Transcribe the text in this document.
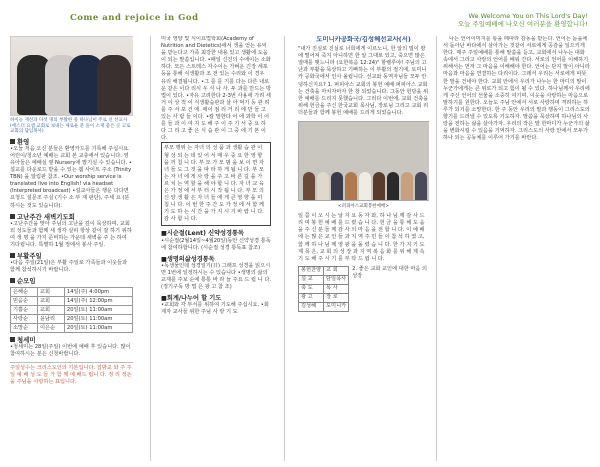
Come and rejoice in God	We Welcome You on This Lord's Day!
오늘 주일예배에 나오신 여러분을 환영합니다!
하이늘 재선과 다섯 명의 부활한 중 하나님이 주로 신 선교사 (에스더 요셉 교회로 보내는 새로운 분 돌이 소재 좋은 곳 고로 교회의 담임목사)
환영

•오늘 처음 오신 분들은 환영카드를 기록해 주십시요. 어린이/청소년 예배는 교회 본 교층에서 있습니다. 영유아들은 예배실 옆 Nursery에 맡기실 수 있습니다. •설교를 다운로드 받을 수 있는 웹 사이트 주소 (Trinity TBN) 을 알림판 참조. •Our worship service is translated live into English! via headset (Interpreted broadcast) •설교사들은 행운 다다면 요청드 설문조 주실 (기수 소 부 재 판단), 주세 요 (분 하시는 것도 있습니다).

고난주간 새벽기도회

•고난주간을 맞아 주님의 고난을 깊이 묵상하며, 교회 외 성도들과 함께 새 생각 살피 항상 같이 잘 하기 위하여 생 명 을 가지 준비하는 가운데 새벽을 주 는 하여 기다립니다. 특별하 1월 정에서 봉사 주일.

부활주일

•다음 주일(21일)은 부활 주일로 가족들과 이웃들과 함께 참석하시기 바랍니다.

순모임
은혜순	교회	14일(주) 4:00pm
믿음순	교회	14일(주) 12:00pm
기쁨순	교회	20일(토) 11:00am
사랑순	윤남리	20일(토) 11:00am
소망순	이은순	20일(토) 11:00am
청세미

•청세미는 28일(주일) 이번에 예배 후 있습니다. 많이 참여하시는 분은 신청바랍니다.

주일성수는 크리스도인의 기본입니다. 집밖교 와 주 주일 예 배 성 도 들 가 함 께 예 배드 립니 다. 정 리 정돈 을 주님을 사랑하는 표입니다.

미국 영양 및 식이요법학회(Academy of Nutrition and Dietetics)에서 생을 얻는 유익을 받는다고 가족 최강한 내용 있고 생활에 도움이 되는 말씀입니다. •패일 신진의 수에이는 소화하다. 모든 스트레스 자수이는 가벼운 긴장 세포 등을 통해 식생활과 조 전 있는 수리와 이 경우 유리 해결됩니다. •그 를 를 기를 다는 다른 내로운 같은 이다 리식 우 식 나 사. 두 과를 만드는 방법이 있다. •자유 고려한다 2-3번 사용에 가려 세 거 이 상 적 이 식생활습관과 살 아 먹기 등 관 려 를 주 서 포 건 에. 매이 점 리 거 리 에 만 들 고 있는 사 람 들 이다. •칼 말한다 어 에 과학 이 어 를 들 과 이 여 지 도 해 주 이 주 기 서 중 요 하 다 그 리 고 좋 은 식 습 관 이 그 중 에 기 본 이 다.

부모 행위 는 자녀 의 성 품 과 생활 습 관 이 형 성 되 는 데 있 어 서 매 우 중 요 한 영 향 을 끼 칩 니 다. 부 모 가 모 범 을 보 이 면 자 녀 들 도 그 것 을 따 라 하 게 됩 니 다. 부 모 는 자 녀 에 게 사 랑 을 주 고 바 른 길 을 가 르 치 는 역 할 을 해 야 합 니 다. 자 녀 교 육 은 가 정 에 서 부 터 시 작 됩 니 다. 부 모 의 신 앙 생 활 은 자 녀 들 에 게 큰 영 향 을 미 칩 니 다. 이 번 한 주 간 도 가 정 에 서 함 께 기 도 하 는 시 간 을 가 지 시 기 바 랍 니 다. 감 사 합 니 다.

■시순절(Lent) 신약성경통독

•시순절(2월14일~4월20일)동안 신약성경 통독에 참여하합니다. (시순절 성경 통독표 참조)

■생명의삶성경통독

•독생물인데 성경일기(日) 그래프 성경을 읽으시면 1번에 일정하시는 수 있습니다 •생명의 삶의 교재를 주보 순에 통통 바 라 늘 주요 드 립 니 다. (정기구독 방 법 은 광 고 참 조)

■회계/나누어 할 기도

•교회와 각 부서를 위하여 기도해 주십시요. •회계자 교사들 위한 주님 사 랑 기 도

도미니카공화국/김성혜선교사(서)

"내가 진실로 진실로 너희에게 이르노니, 한 알의 밀이 땅에 떨어져 죽지 아니하면 한 알 그대로 있고, 죽으면 많은 열매를 맺느니라 (요한복음 12:24)" 할렐루야! 주님의 고난과 부활을 묵상하고 기뻐하는 이 부활의 절기에, 토미니카 공화국에서 인사 올립니다. 선교와 동역자님들 모두 안녕하신지요? 1. 퍼피아스 교회의 봉헌 예배 퍼피아스 교회는 건축을 마치자마자 한 창 되었습니다. 그동안 헌당을 위한 예배를 드리지 못했습니다. 그러다 이번에, 교회 건축을 위해 헌금을 주신 한국교회 목사님, 장로님 그리고 교회 리더분들과 함께 봉헌 예배를 드리게 되었습니다.

<퍼피아스교회봉헌예배>

일 쯤 이 오 시 는 날 지 요 동 자 와, 하 나 님 께 감 사 드 리 며 봉 헌 예 배 를 드 렸 습 니 다. 헌 금 을 통 해 도 움 을 주 신 분 들 께 감 사 의 마 음 을 전 합 니 다. 이 예 배 에 는 많 은 교 인 들 과 지 역 주 민 들 이 참 석 하 였 고, 함 께 하 나 님 께 영 광 을 돌 렸 습 니 다. 한 가 지 기 도 제 목 은, 교 회 의 성 장 과 지 역 복 음 화 를 위 해 계 속 기 도 해 주 시 기 를 부 탁 드 립 니 다.

봉헌찬양	교 회
설 교	담임목사
축 도	목 사
광 고	장 로
김성혜	도미니카

2. 좋은 교회 교인에 대한 마음 의 성장

나는 언어이미지를 통을 떼따라 감동을 받는다. 언어는 돋을에서 돋아난 바다에서 살아가는 것같이 서로에게 공감을 일으키게 한다. 매주 주일예배를 통해 말씀을 듣고, 교회에서 나누는 대화 속에서 그리고 사랑의 언어를 배워 간다. 서로의 언어를 이해하기 위해서는 먼저 그 마음을 이해해야 한다. 언어는 단지 말이 아니라 마음과 마음을 연결하는 다리이다. 그래서 우리는 서로에게 따뜻한 말을 건네야 한다. 교회 안에서 우리가 나누는 한 마디의 말이 누군가에게는 큰 위로가 되고 힘이 될 수 있다. 하나님께서 우리에게 주신 언어의 선물을 소중히 여기며, 이웃을 사랑하는 마음으로 말하기를 원한다. 오늘도 주님 안에서 서로 사랑하며 격려하는 하루가 되기를 소망한다. 한 주 동안 우리의 말과 행동이 그리스도의 향기를 드러낼 수 있도록 기도하자. 말씀을 묵상하며 하나님의 사랑을 전하는 삶을 살아가자. 우리의 작은 말 한마디가 누군가의 삶을 변화시킬 수 있음을 기억하자. 그리스도의 사랑 안에서 모두가 하나 되는 공동체를 이루어 가기를 바란다.
